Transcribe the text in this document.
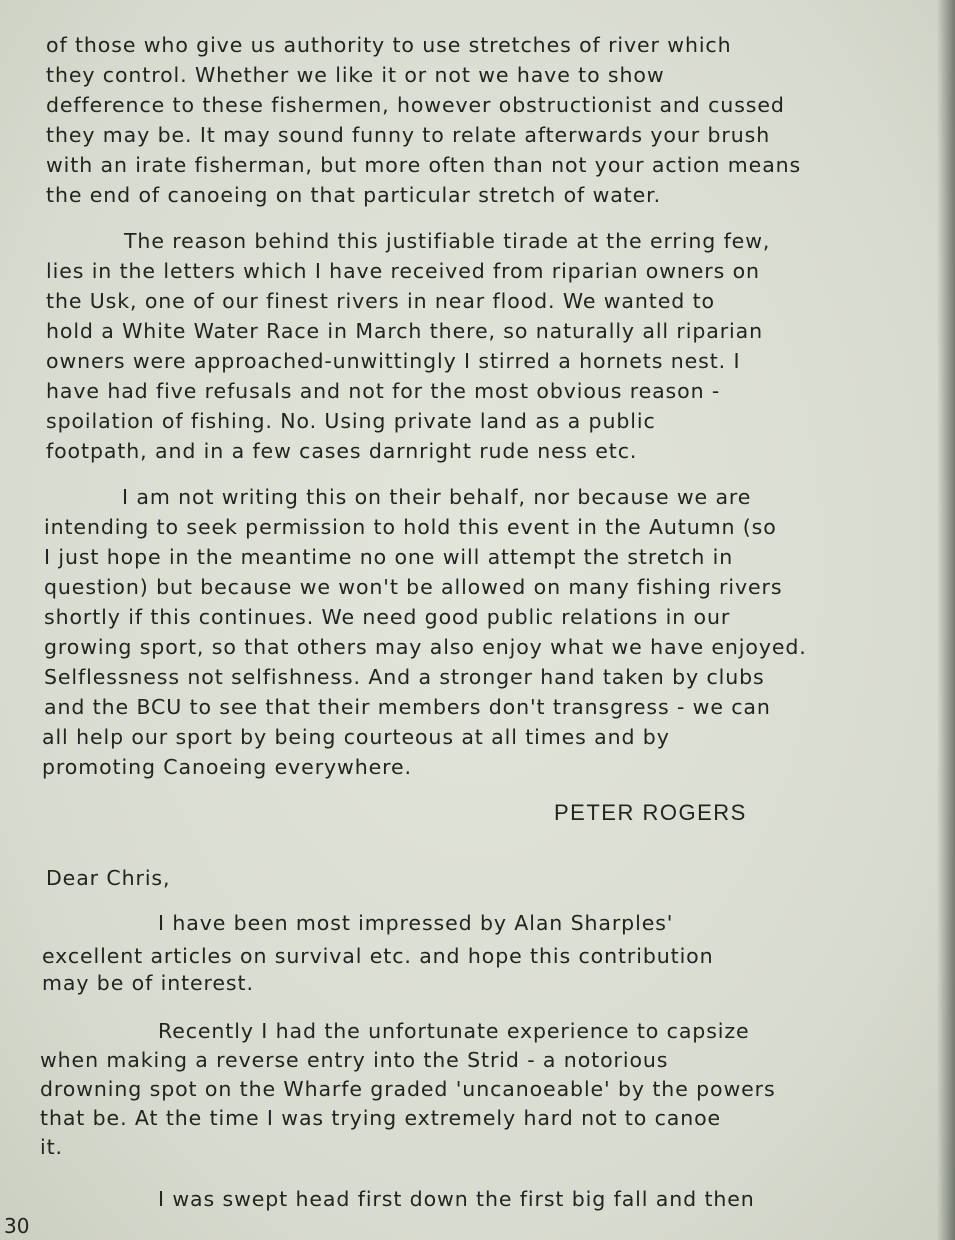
of those who give us authority to use stretches of river which
they control. Whether we like it or not we have to show
defference to these fishermen, however obstructionist and cussed
they may be. It may sound funny to relate afterwards your brush
with an irate fisherman, but more often than not your action means
the end of canoeing on that particular stretch of water.
The reason behind this justifiable tirade at the erring few,
lies in the letters which I have received from riparian owners on
the Usk, one of our finest rivers in near flood. We wanted to
hold a White Water Race in March there, so naturally all riparian
owners were approached-unwittingly I stirred a hornets nest. I
have had five refusals and not for the most obvious reason -
spoilation of fishing. No. Using private land as a public
footpath, and in a few cases darnright rude ness etc.
I am not writing this on their behalf, nor because we are
intending to seek permission to hold this event in the Autumn (so
I just hope in the meantime no one will attempt the stretch in
question) but because we won't be allowed on many fishing rivers
shortly if this continues. We need good public relations in our
growing sport, so that others may also enjoy what we have enjoyed.
Selflessness not selfishness. And a stronger hand taken by clubs
and the BCU to see that their members don't transgress - we can
all help our sport by being courteous at all times and by
promoting Canoeing everywhere.
PETER ROGERS
Dear Chris,
I have been most impressed by Alan Sharples'
excellent articles on survival etc. and hope this contribution
may be of interest.
Recently I had the unfortunate experience to capsize
when making a reverse entry into the Strid - a notorious
drowning spot on the Wharfe graded 'uncanoeable' by the powers
that be. At the time I was trying extremely hard not to canoe
it.
I was swept head first down the first big fall and then
30
